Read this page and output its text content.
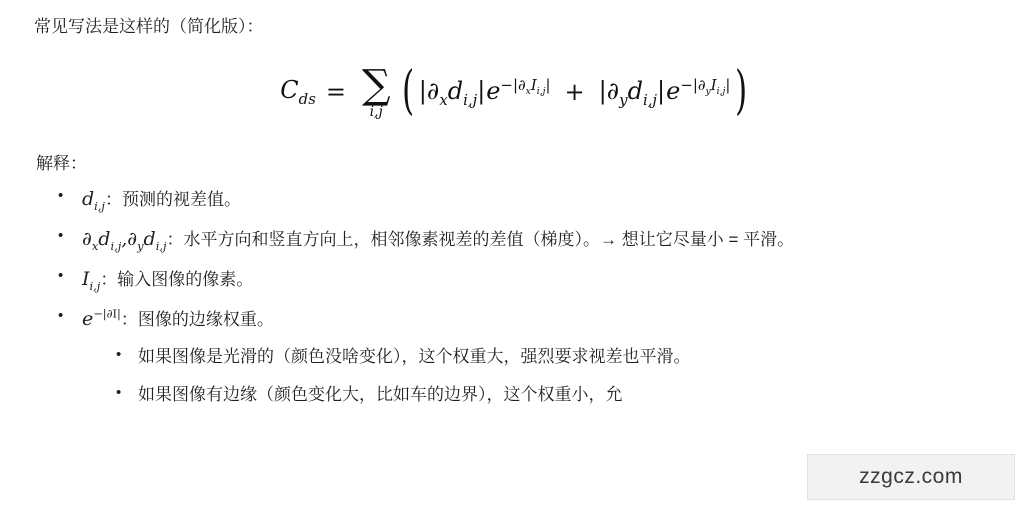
常见写法是这样的（简化版）：

$C_{ds}$ = ∑
i,j ( $|\partial_xd_{i,j}|e^{-|\partial_xI_{i,j}|} + |\partial_yd_{i,j}|e^{-|\partial_yI_{i,j}|}$ )

解释：

• $d_{i,j}$：预测的视差值。
• $\partial_xd_{i,j},\partial_yd_{i,j}$：水平方向和竖直方向上，相邻像素视差的差值（梯度）。→ 想让它尽量小 = 平滑。
• $I_{i,j}$：输入图像的像素。
• $e^{-|\partial I|}$：图像的边缘权重。
• 如果图像是光滑的（颜色没啥变化），这个权重大，强烈要求视差也平滑。
• 如果图像有边缘（颜色变化大，比如车的边界），这个权重小，允
zzgcz.com
